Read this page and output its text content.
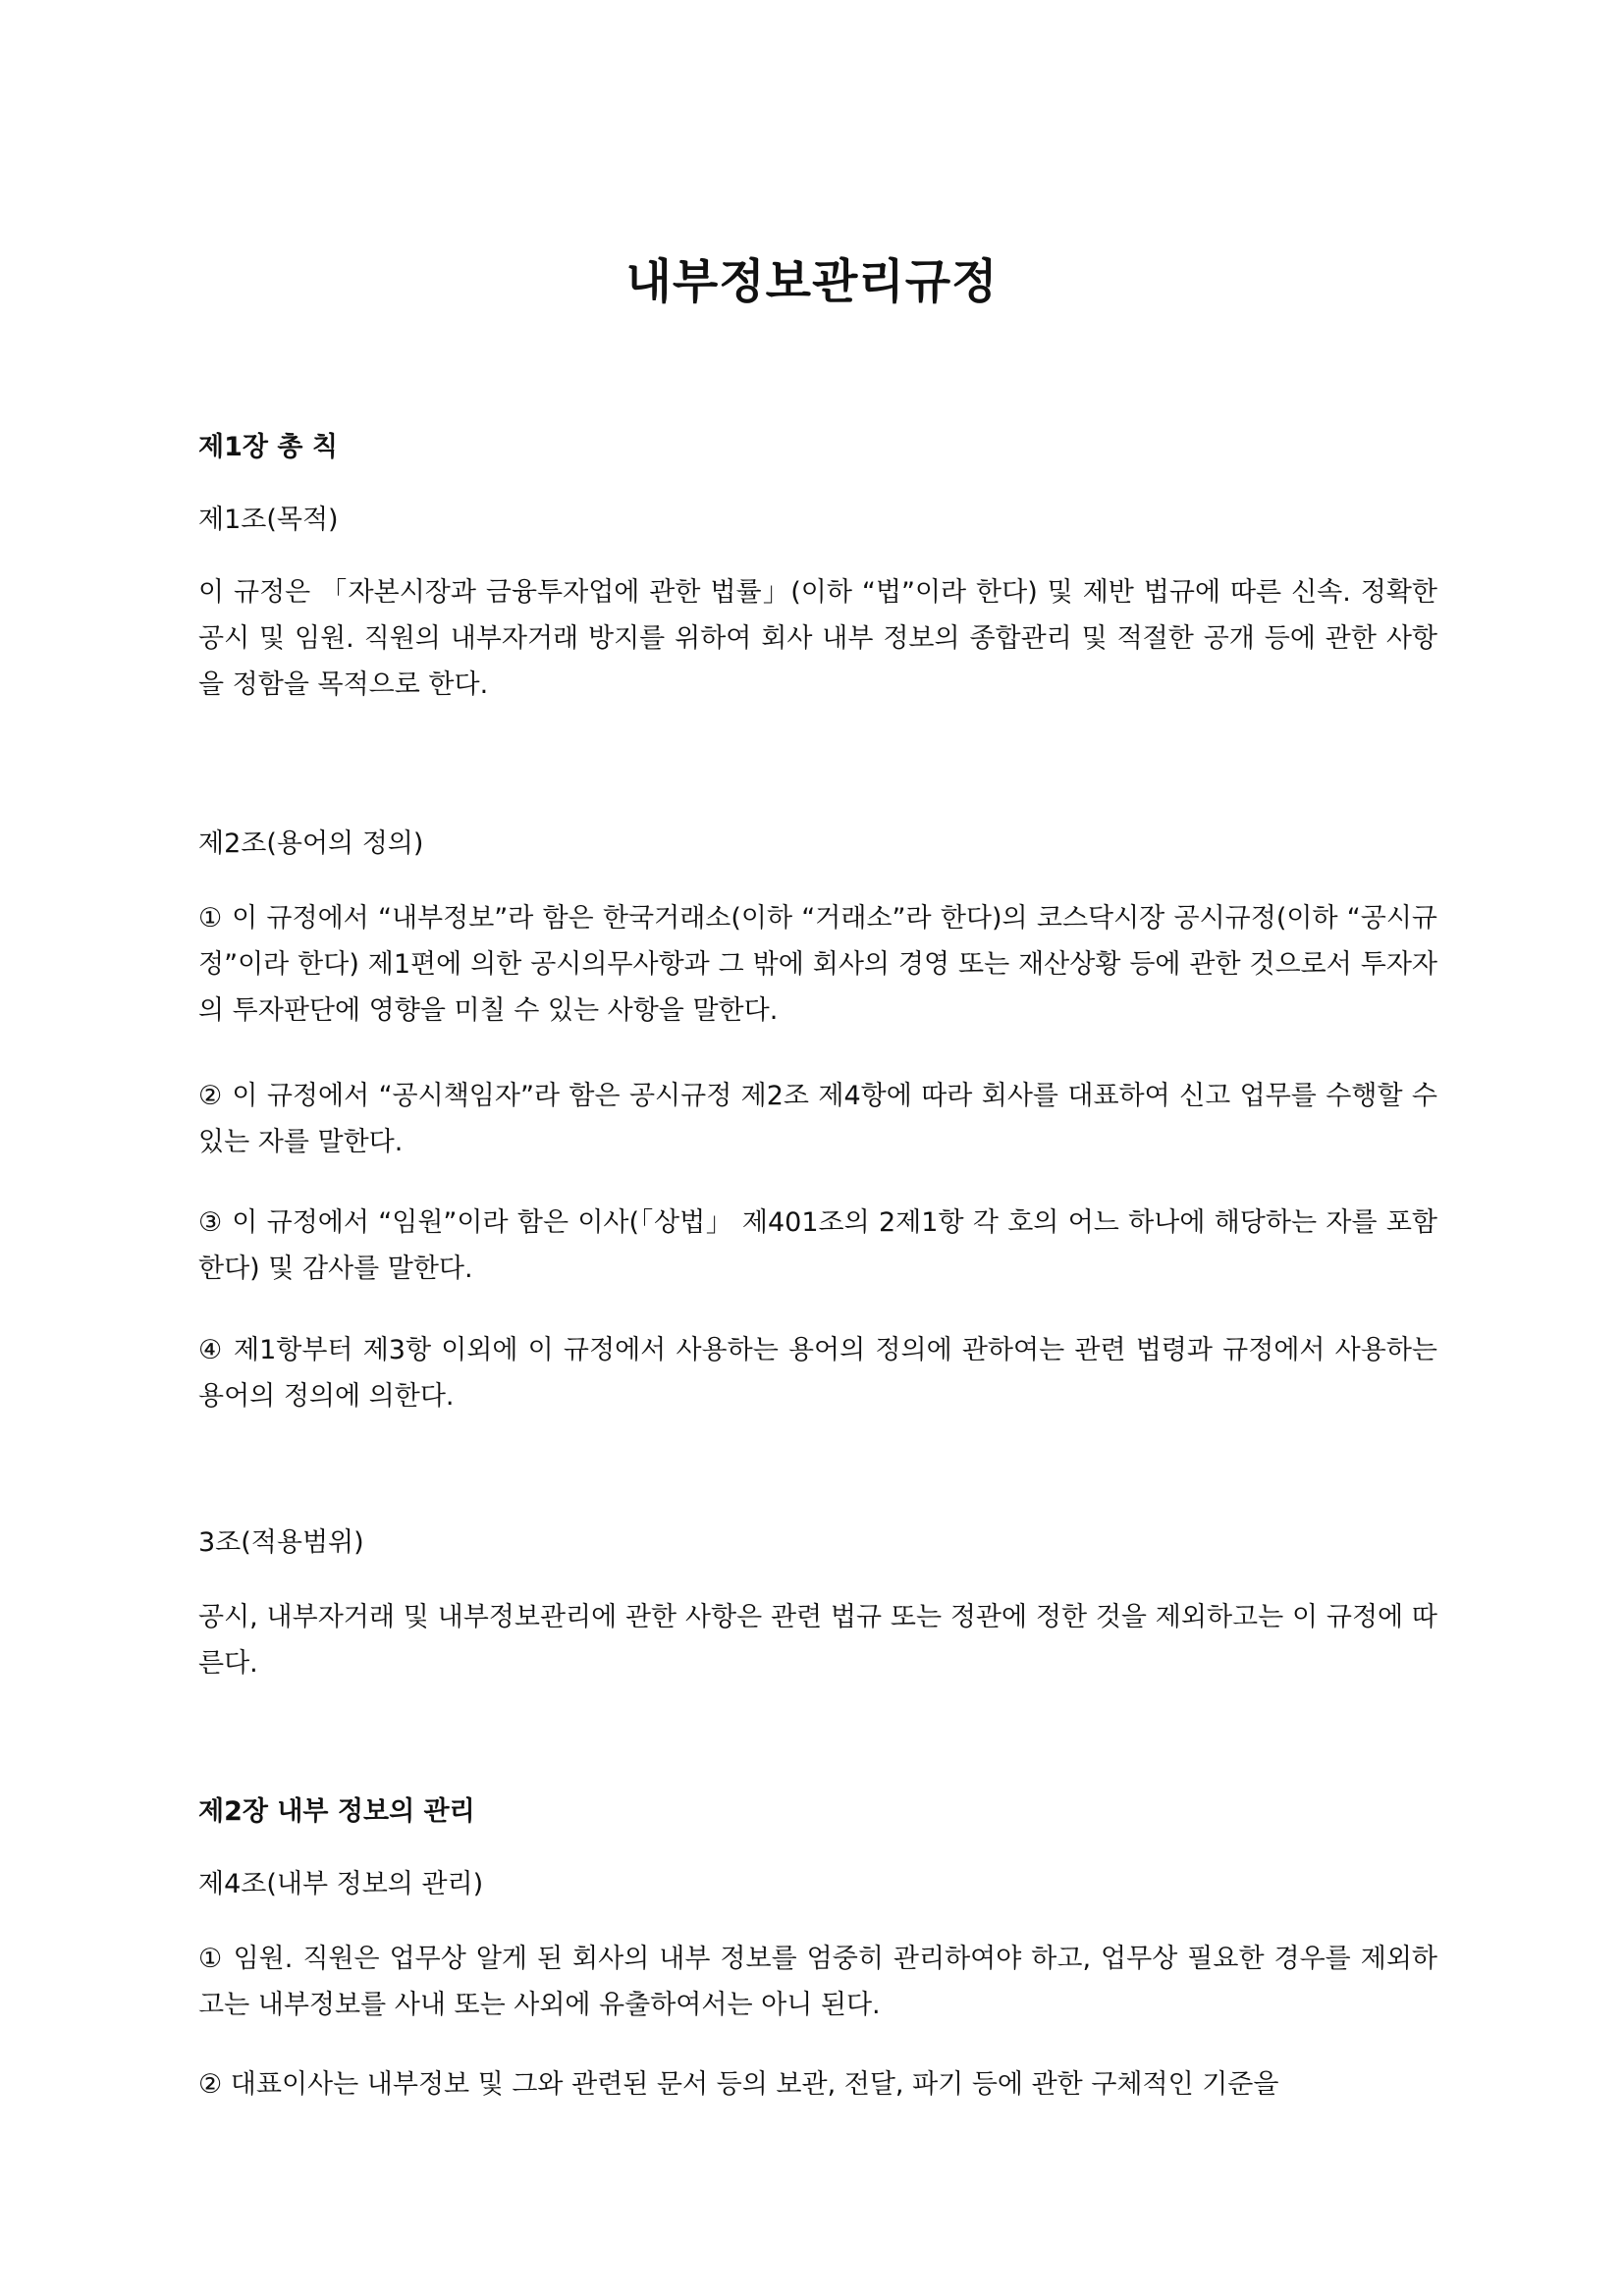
내부정보관리규정

제1장 총 칙

제1조(목적)

이 규정은 「자본시장과 금융투자업에 관한 법률」(이하 “법”이라 한다) 및 제반 법규에 따른 신속. 정확한 공시 및 임원. 직원의 내부자거래 방지를 위하여 회사 내부 정보의 종합관리 및 적절한 공개 등에 관한 사항을 정함을 목적으로 한다.

제2조(용어의 정의)

① 이 규정에서 “내부정보”라 함은 한국거래소(이하 “거래소”라 한다)의 코스닥시장 공시규정(이하 “공시규정”이라 한다) 제1편에 의한 공시의무사항과 그 밖에 회사의 경영 또는 재산상황 등에 관한 것으로서 투자자의 투자판단에 영향을 미칠 수 있는 사항을 말한다.

② 이 규정에서 “공시책임자”라 함은 공시규정 제2조 제4항에 따라 회사를 대표하여 신고 업무를 수행할 수 있는 자를 말한다.

③ 이 규정에서 “임원”이라 함은 이사(「상법」 제401조의 2제1항 각 호의 어느 하나에 해당하는 자를 포함한다) 및 감사를 말한다.

④ 제1항부터 제3항 이외에 이 규정에서 사용하는 용어의 정의에 관하여는 관련 법령과 규정에서 사용하는 용어의 정의에 의한다.

3조(적용범위)

공시, 내부자거래 및 내부정보관리에 관한 사항은 관련 법규 또는 정관에 정한 것을 제외하고는 이 규정에 따른다.

제2장 내부 정보의 관리

제4조(내부 정보의 관리)

① 임원. 직원은 업무상 알게 된 회사의 내부 정보를 엄중히 관리하여야 하고, 업무상 필요한 경우를 제외하고는 내부정보를 사내 또는 사외에 유출하여서는 아니 된다.

② 대표이사는 내부정보 및 그와 관련된 문서 등의 보관, 전달, 파기 등에 관한 구체적인 기준을
